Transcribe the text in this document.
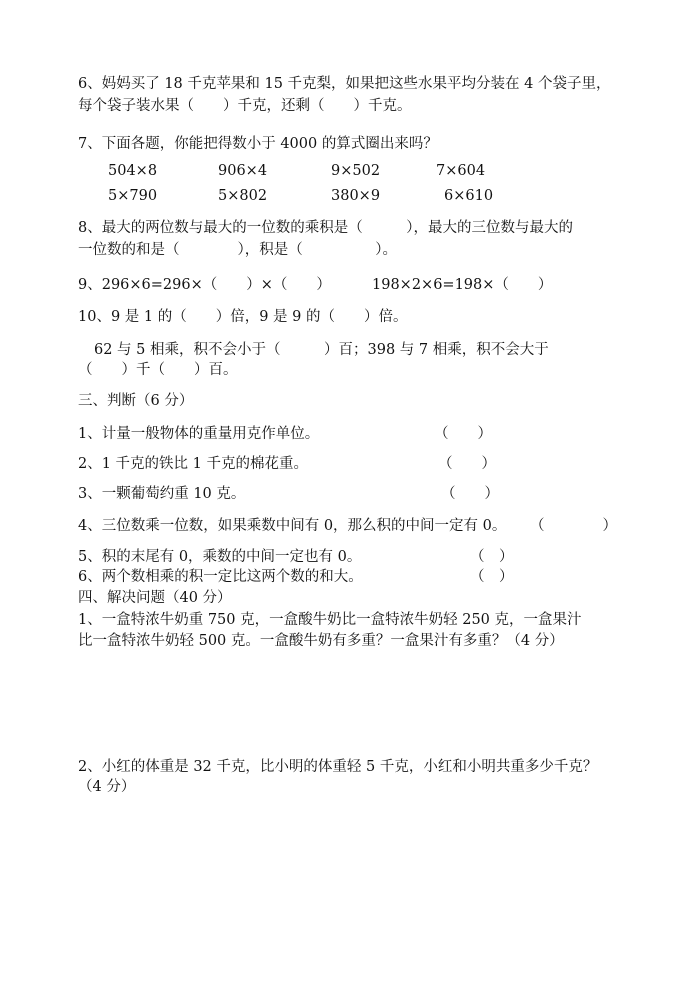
6、妈妈买了 18 千克苹果和 15 千克梨，如果把这些水果平均分装在 4 个袋子里，
每个袋子装水果（　　）千克，还剩（　　）千克。
7、下面各题，你能把得数小于 4000 的算式圈出来吗？
504×8	906×4	9×502	7×604
5×790	5×802	380×9	6×610
8、最大的两位数与最大的一位数的乘积是（　　　），最大的三位数与最大的
一位数的和是（　　　　），积是（　　　　　）。
9、296×6=296×（　　）×（　　）	198×2×6=198×（　　）
10、9 是 1 的（　　）倍，9 是 9 的（　　）倍。
62 与 5 相乘，积不会小于（　　　）百；398 与 7 相乘，积不会大于
（　　）千（　　）百。
三、判断（6 分）
1、计量一般物体的重量用克作单位。	（　　）
2、1 千克的铁比 1 千克的棉花重。	（　　）
3、一颗葡萄约重 10 克。	（　　）
4、三位数乘一位数，如果乘数中间有 0，那么积的中间一定有 0。 （　　　　）
5、积的末尾有 0，乘数的中间一定也有 0。	（　）
6、两个数相乘的积一定比这两个数的和大。	（　）
四、解决问题（40 分）
1、一盒特浓牛奶重 750 克，一盒酸牛奶比一盒特浓牛奶轻 250 克，一盒果汁
比一盒特浓牛奶轻 500 克。一盒酸牛奶有多重？一盒果汁有多重？（4 分）
2、小红的体重是 32 千克，比小明的体重轻 5 千克，小红和小明共重多少千克？
（4 分）
